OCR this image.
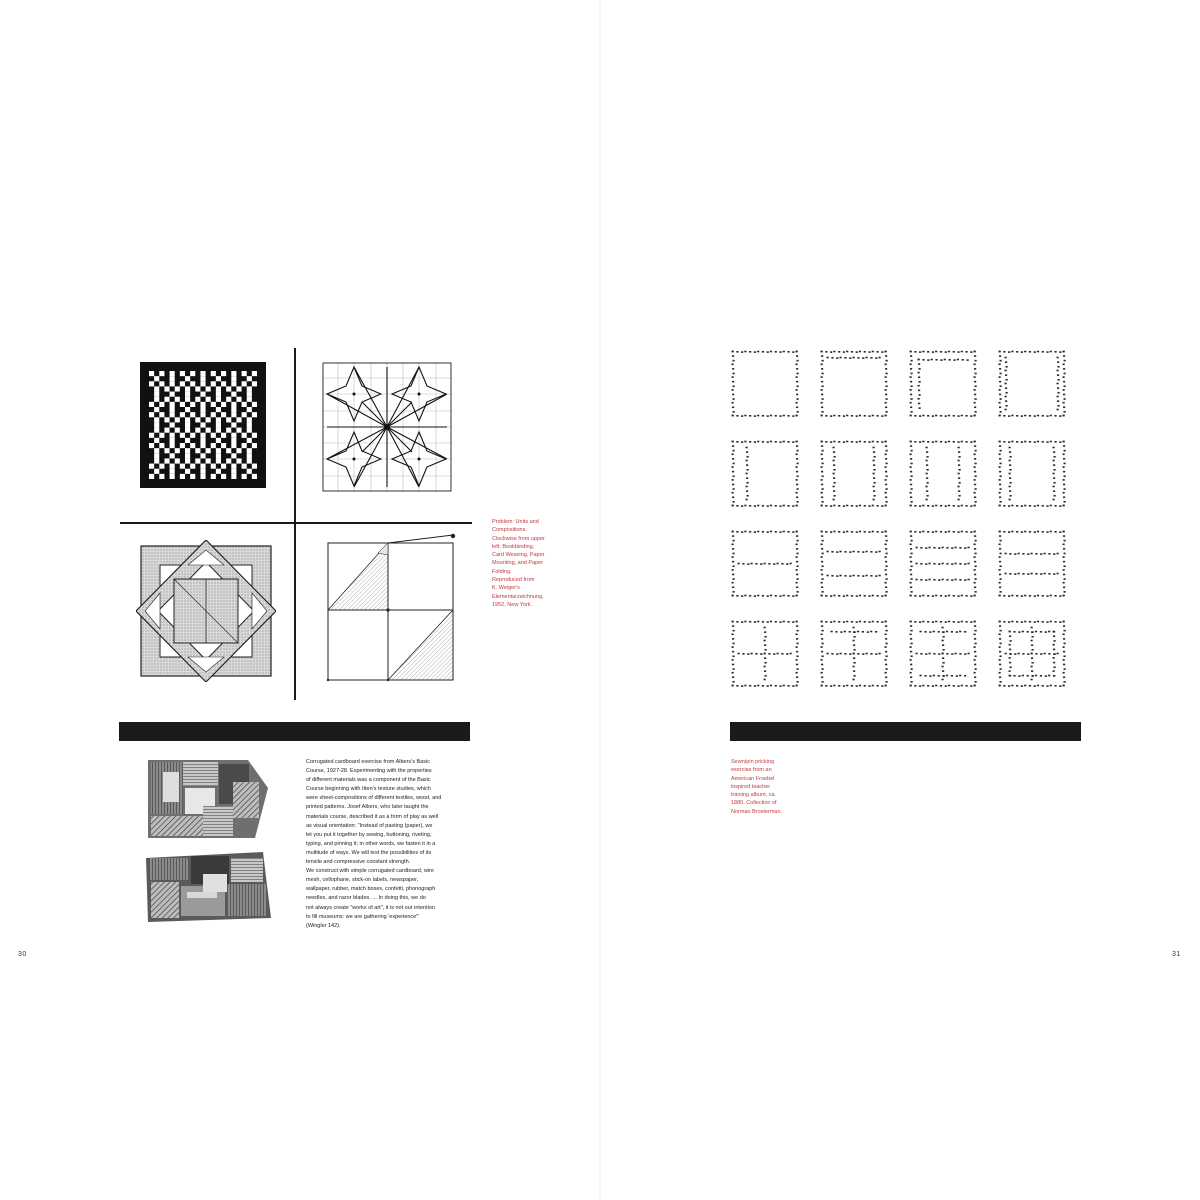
Problem: Units and
Compositions.
Clockwise from upper
left: Bookbinding,
Card Weaving, Paper
Mounting, and Paper
Folding.
Reproduced from
K. Weiger's
Elementarzeichnung,
1952, New York.
Corrugated cardboard exercise from Albers's Basic
Course, 1927-28. Experimenting with the properties
of different materials was a component of the Basic
Course beginning with Itten's texture studies, which
were sheet-compositions of different textiles, wood, and
printed patterns. Josef Albers, who later taught the
materials course, described it as a form of play as well
as visual orientation: "Instead of pasting (paper), we
let you put it together by sewing, buttoning, riveting,
typing, and pinning it; in other words, we fasten it in a
multitude of ways. We will test the possibilities of its
tensile and compressive constant strength.
We construct with simple corrugated cardboard, wire
mesh, cellophane, stick-on labels, newspaper,
wallpaper, rubber, match boxes, confetti, phonograph
needles, and razor blades. ... In doing this, we do
not always create "works of art", it is not our intention
to fill museums: we are gathering 'experience'"
(Wingler 142).
Sewn/pin pricking
exercise from an
American Froebel
inspired teacher
training album, ca.
1880. Collection of
Norman Brosterman.
30	31
